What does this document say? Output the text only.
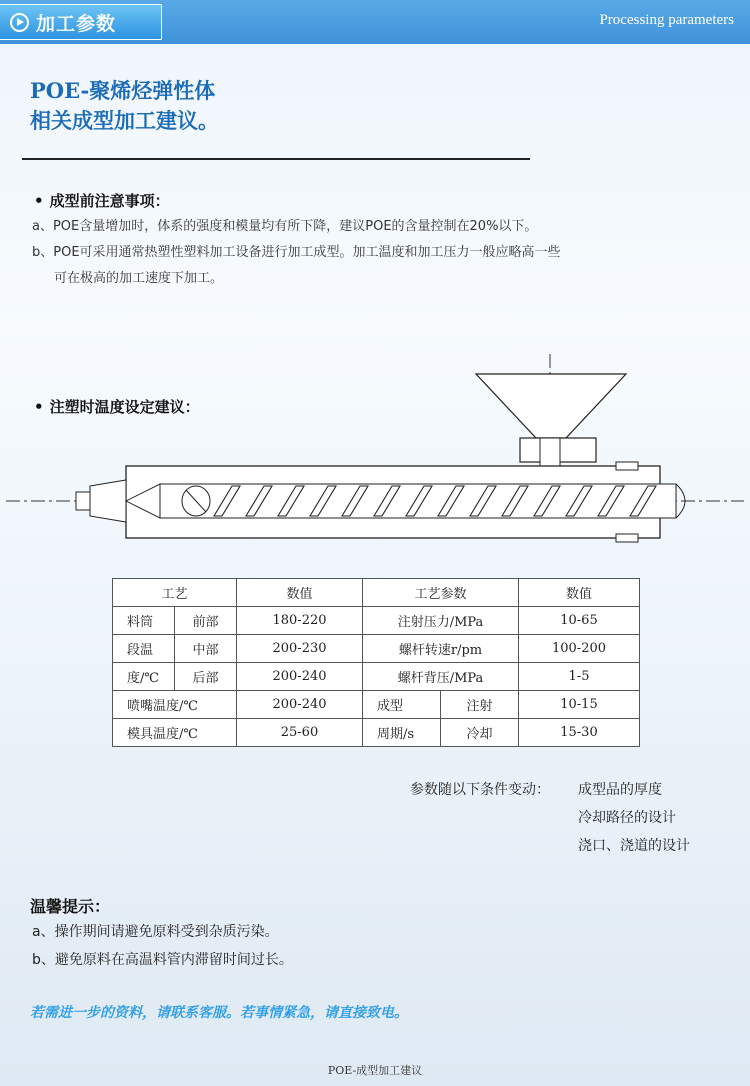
加工参数	Processing parameters
POE-聚烯烃弹性体
相关成型加工建议。
• 成型前注意事项：
a、POE含量增加时，体系的强度和模量均有所下降，建议POE的含量控制在20%以下。
b、POE可采用通常热塑性塑料加工设备进行加工成型。加工温度和加工压力一般应略高一些
可在极高的加工速度下加工。
• 注塑时温度设定建议：
工艺		数值	工艺参数		数值
料筒	前部	180-220	注射压力/MPa		10-65
段温	中部	200-230	螺杆转速r/pm		100-200
度/℃	后部	200-240	螺杆背压/MPa		1-5
喷嘴温度/℃		200-240	成型	注射	10-15
模具温度/℃		25-60	周期/s	冷却	15-30
参数随以下条件变动： 成型品的厚度
冷却路径的设计
浇口、浇道的设计
温馨提示：
a、操作期间请避免原料受到杂质污染。
b、避免原料在高温料管内滞留时间过长。
若需进一步的资料，请联系客服。若事情紧急，请直接致电。
POE-成型加工建议
